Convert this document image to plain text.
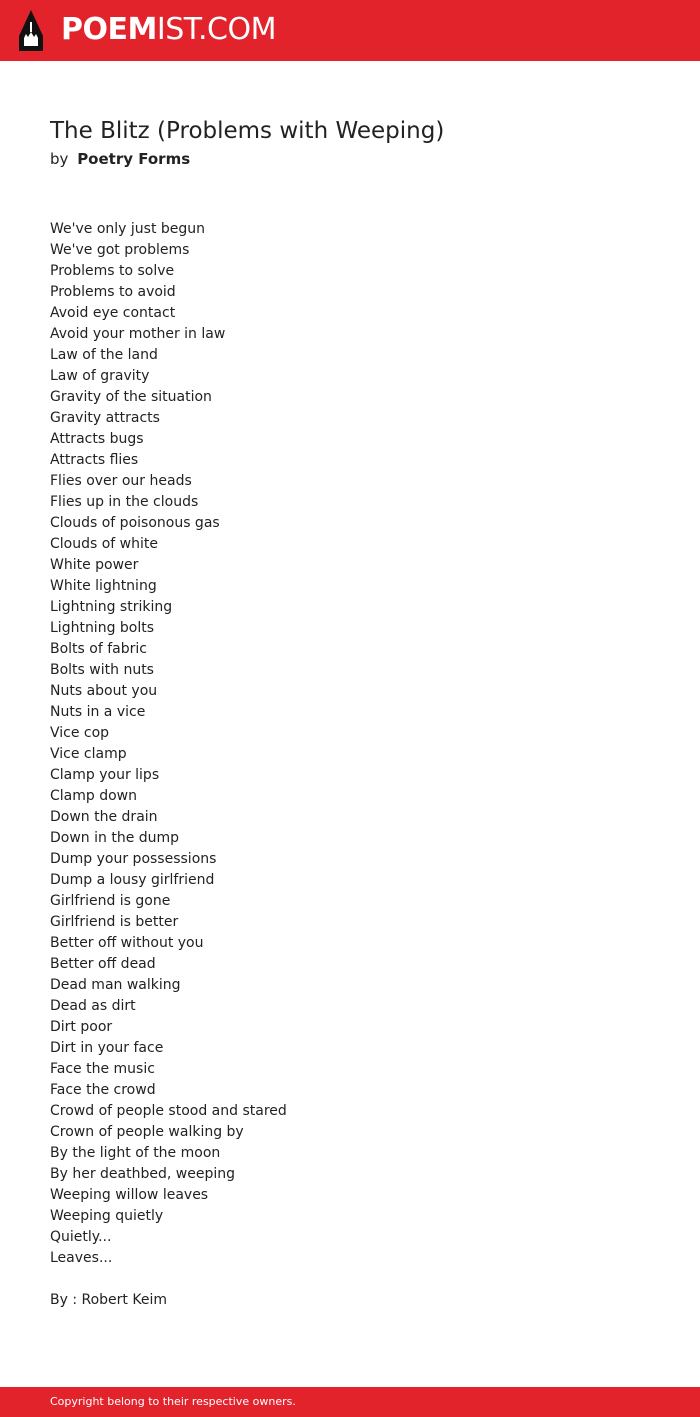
POEMIST.COM
The Blitz (Problems with Weeping)
by Poetry Forms
We've only just begun
We've got problems
Problems to solve
Problems to avoid
Avoid eye contact
Avoid your mother in law
Law of the land
Law of gravity
Gravity of the situation
Gravity attracts
Attracts bugs
Attracts flies
Flies over our heads
Flies up in the clouds
Clouds of poisonous gas
Clouds of white
White power
White lightning
Lightning striking
Lightning bolts
Bolts of fabric
Bolts with nuts
Nuts about you
Nuts in a vice
Vice cop
Vice clamp
Clamp your lips
Clamp down
Down the drain
Down in the dump
Dump your possessions
Dump a lousy girlfriend
Girlfriend is gone
Girlfriend is better
Better off without you
Better off dead
Dead man walking
Dead as dirt
Dirt poor
Dirt in your face
Face the music
Face the crowd
Crowd of people stood and stared
Crown of people walking by
By the light of the moon
By her deathbed, weeping
Weeping willow leaves
Weeping quietly
Quietly...
Leaves...
By : Robert Keim
Copyright belong to their respective owners.
